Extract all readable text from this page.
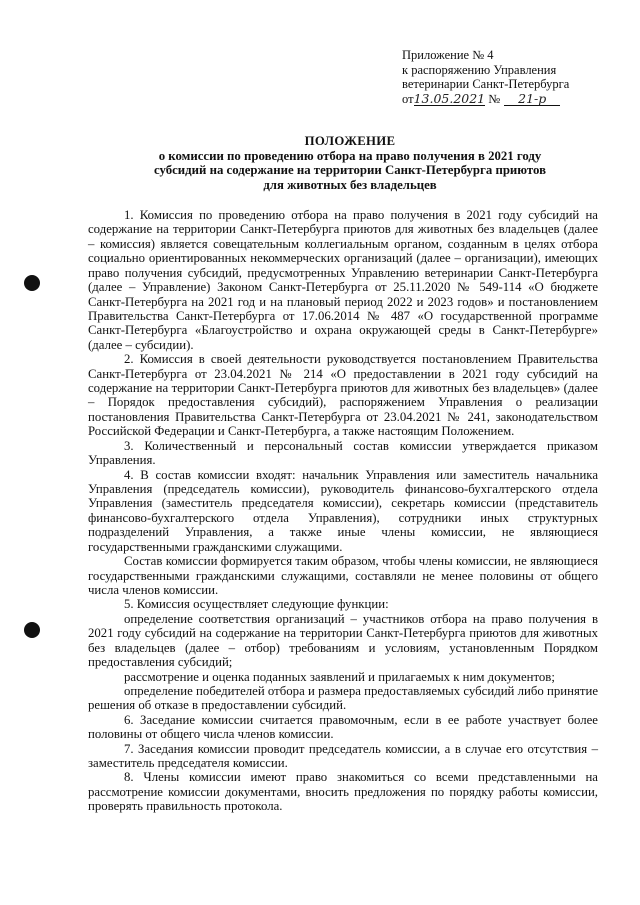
Приложение № 4
к распоряжению Управления
ветеринарии Санкт-Петербурга
от13.05.2021 № 21-р
ПОЛОЖЕНИЕ
о комиссии по проведению отбора на право получения в 2021 году
субсидий на содержание на территории Санкт-Петербурга приютов
для животных без владельцев

1. Комиссия по проведению отбора на право получения в 2021 году субсидий на содержание на территории Санкт-Петербурга приютов для животных без владельцев (далее – комиссия) является совещательным коллегиальным органом, созданным в целях отбора социально ориентированных некоммерческих организаций (далее – организации), имеющих право получения субсидий, предусмотренных Управлению ветеринарии Санкт-Петербурга (далее – Управление) Законом Санкт-Петербурга от 25.11.2020 № 549-114 «О бюджете Санкт-Петербурга на 2021 год и на плановый период 2022 и 2023 годов» и постановлением Правительства Санкт-Петербурга от 17.06.2014 № 487 «О государственной программе Санкт-Петербурга «Благоустройство и охрана окружающей среды в Санкт-Петербурге» (далее – субсидии).

2. Комиссия в своей деятельности руководствуется постановлением Правительства Санкт-Петербурга от 23.04.2021 № 214 «О предоставлении в 2021 году субсидий на содержание на территории Санкт-Петербурга приютов для животных без владельцев» (далее – Порядок предоставления субсидий), распоряжением Управления о реализации постановления Правительства Санкт-Петербурга от 23.04.2021 № 241, законодательством Российской Федерации и Санкт-Петербурга, а также настоящим Положением.

3. Количественный и персональный состав комиссии утверждается приказом Управления.

4. В состав комиссии входят: начальник Управления или заместитель начальника Управления (председатель комиссии), руководитель финансово-бухгалтерского отдела Управления (заместитель председателя комиссии), секретарь комиссии (представитель финансово-бухгалтерского отдела Управления), сотрудники иных структурных подразделений Управления, а также иные члены комиссии, не являющиеся государственными гражданскими служащими.

Состав комиссии формируется таким образом, чтобы члены комиссии, не являющиеся государственными гражданскими служащими, составляли не менее половины от общего числа членов комиссии.

5. Комиссия осуществляет следующие функции:

определение соответствия организаций – участников отбора на право получения в 2021 году субсидий на содержание на территории Санкт-Петербурга приютов для животных без владельцев (далее – отбор) требованиям и условиям, установленным Порядком предоставления субсидий;

рассмотрение и оценка поданных заявлений и прилагаемых к ним документов;

определение победителей отбора и размера предоставляемых субсидий либо принятие решения об отказе в предоставлении субсидий.

6. Заседание комиссии считается правомочным, если в ее работе участвует более половины от общего числа членов комиссии.

7. Заседания комиссии проводит председатель комиссии, а в случае его отсутствия – заместитель председателя комиссии.

8. Члены комиссии имеют право знакомиться со всеми представленными на рассмотрение комиссии документами, вносить предложения по порядку работы комиссии, проверять правильность протокола.
